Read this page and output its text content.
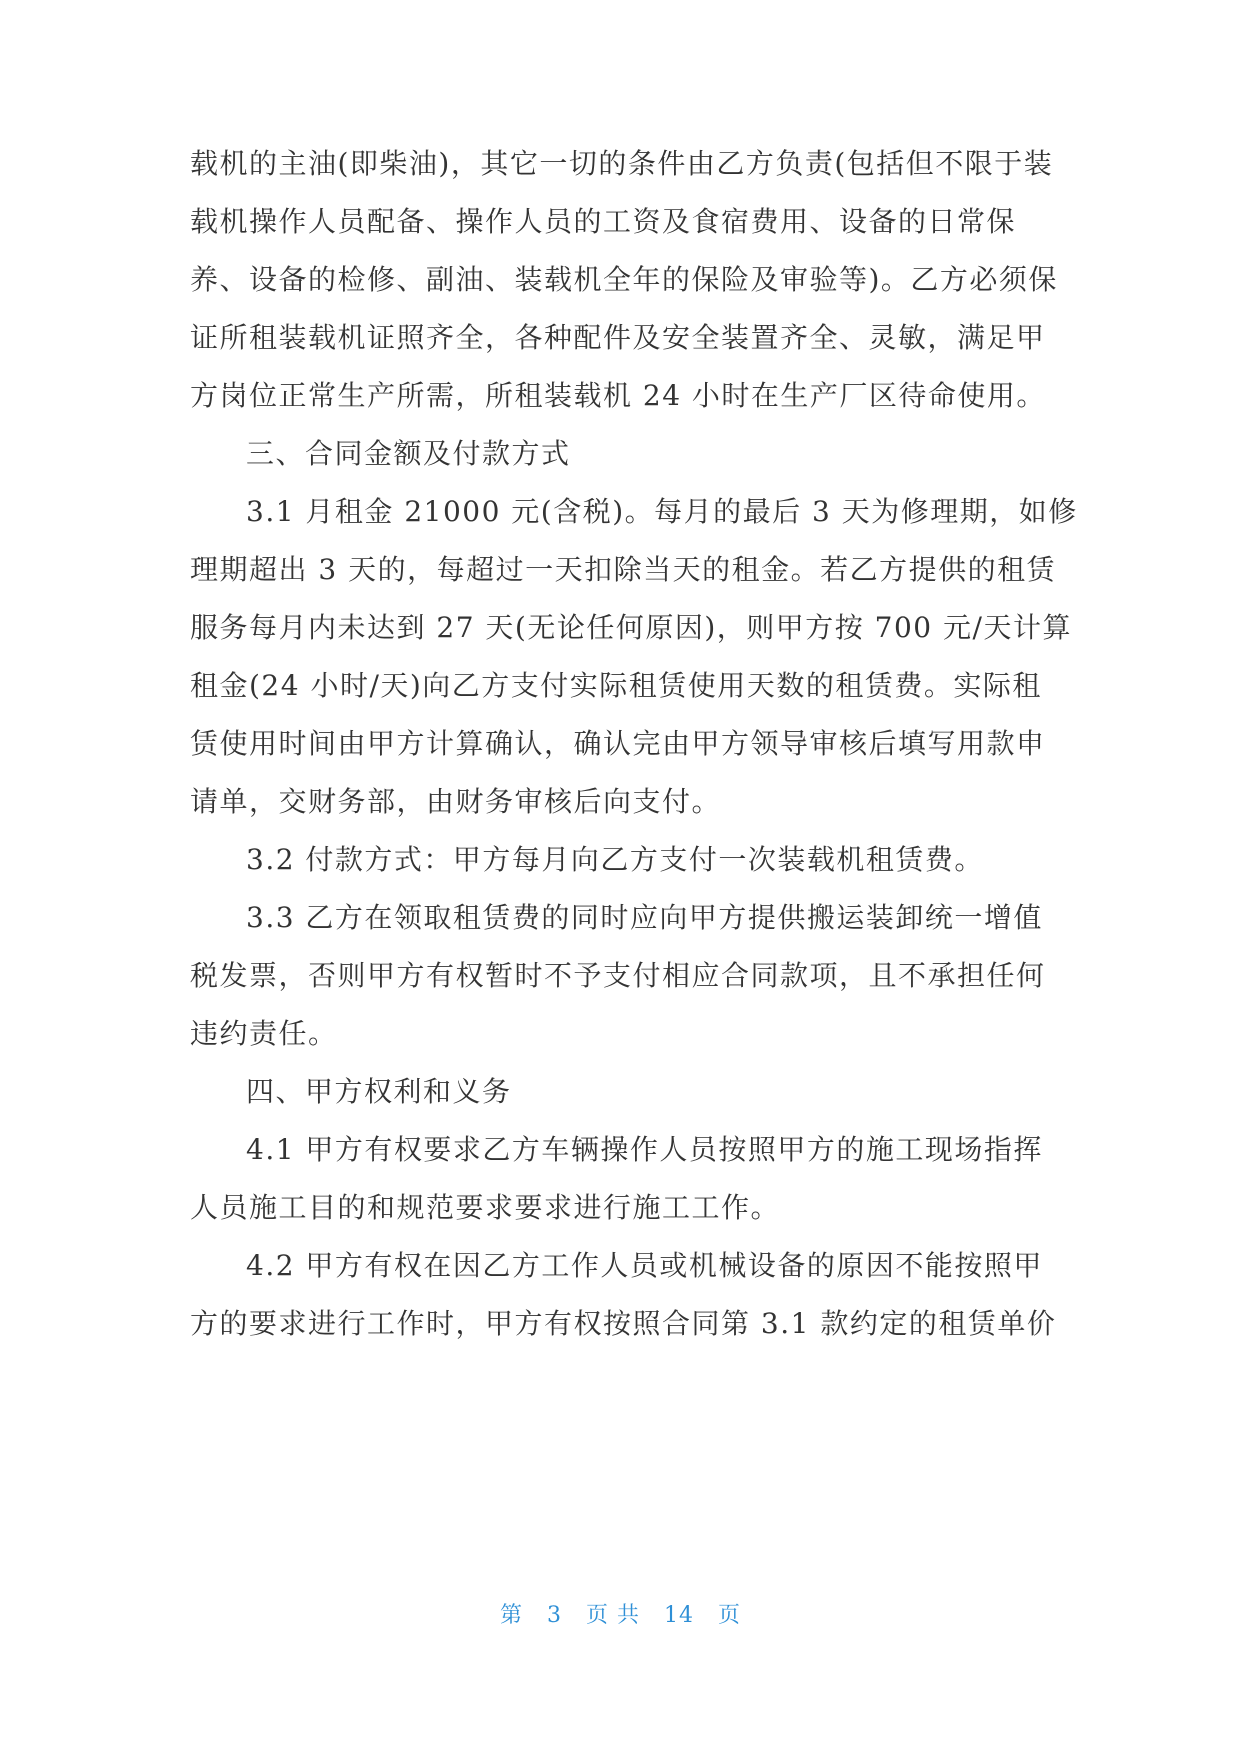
载机的主油(即柴油)，其它一切的条件由乙方负责(包括但不限于装
载机操作人员配备、操作人员的工资及食宿费用、设备的日常保
养、设备的检修、副油、装载机全年的保险及审验等)。乙方必须保
证所租装载机证照齐全，各种配件及安全装置齐全、灵敏，满足甲
方岗位正常生产所需，所租装载机 24 小时在生产厂区待命使用。
三、合同金额及付款方式
3.1 月租金 21000 元(含税)。每月的最后 3 天为修理期，如修
理期超出 3 天的，每超过一天扣除当天的租金。若乙方提供的租赁
服务每月内未达到 27 天(无论任何原因)，则甲方按 700 元/天计算
租金(24 小时/天)向乙方支付实际租赁使用天数的租赁费。实际租
赁使用时间由甲方计算确认，确认完由甲方领导审核后填写用款申
请单，交财务部，由财务审核后向支付。
3.2 付款方式：甲方每月向乙方支付一次装载机租赁费。
3.3 乙方在领取租赁费的同时应向甲方提供搬运装卸统一增值
税发票，否则甲方有权暂时不予支付相应合同款项，且不承担任何
违约责任。
四、甲方权利和义务
4.1 甲方有权要求乙方车辆操作人员按照甲方的施工现场指挥
人员施工目的和规范要求要求进行施工工作。
4.2 甲方有权在因乙方工作人员或机械设备的原因不能按照甲
方的要求进行工作时，甲方有权按照合同第 3.1 款约定的租赁单价
第 3 页 共 14 页
